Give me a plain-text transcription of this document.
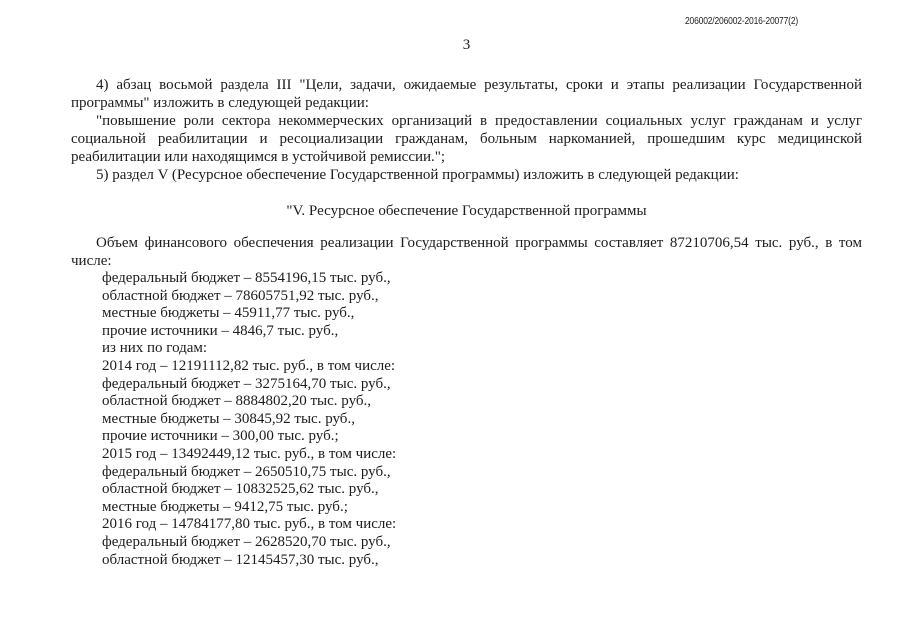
206002/206002-2016-20077(2)
3
4) абзац восьмой раздела III "Цели, задачи, ожидаемые результаты, сроки и этапы реализации Государственной
программы" изложить в следующей редакции:
"повышение роли сектора некоммерческих организаций в предоставлении социальных услуг гражданам и услуг
социальной реабилитации и ресоциализации гражданам, больным наркоманией, прошедшим курс медицинской
реабилитации или находящимся в устойчивой ремиссии.";
5) раздел V (Ресурсное обеспечение Государственной программы) изложить в следующей редакции:
"V. Ресурсное обеспечение Государственной программы
Объем финансового обеспечения реализации Государственной программы составляет 87210706,54 тыс. руб., в том
числе:
федеральный бюджет – 8554196,15 тыс. руб.,
областной бюджет – 78605751,92 тыс. руб.,
местные бюджеты – 45911,77 тыс. руб.,
прочие источники – 4846,7 тыс. руб.,
из них по годам:
2014 год – 12191112,82 тыс. руб., в том числе:
федеральный бюджет – 3275164,70 тыс. руб.,
областной бюджет – 8884802,20 тыс. руб.,
местные бюджеты – 30845,92 тыс. руб.,
прочие источники – 300,00 тыс. руб.;
2015 год – 13492449,12 тыс. руб., в том числе:
федеральный бюджет – 2650510,75 тыс. руб.,
областной бюджет – 10832525,62 тыс. руб.,
местные бюджеты – 9412,75 тыс. руб.;
2016 год – 14784177,80 тыс. руб., в том числе:
федеральный бюджет – 2628520,70 тыс. руб.,
областной бюджет – 12145457,30 тыс. руб.,
